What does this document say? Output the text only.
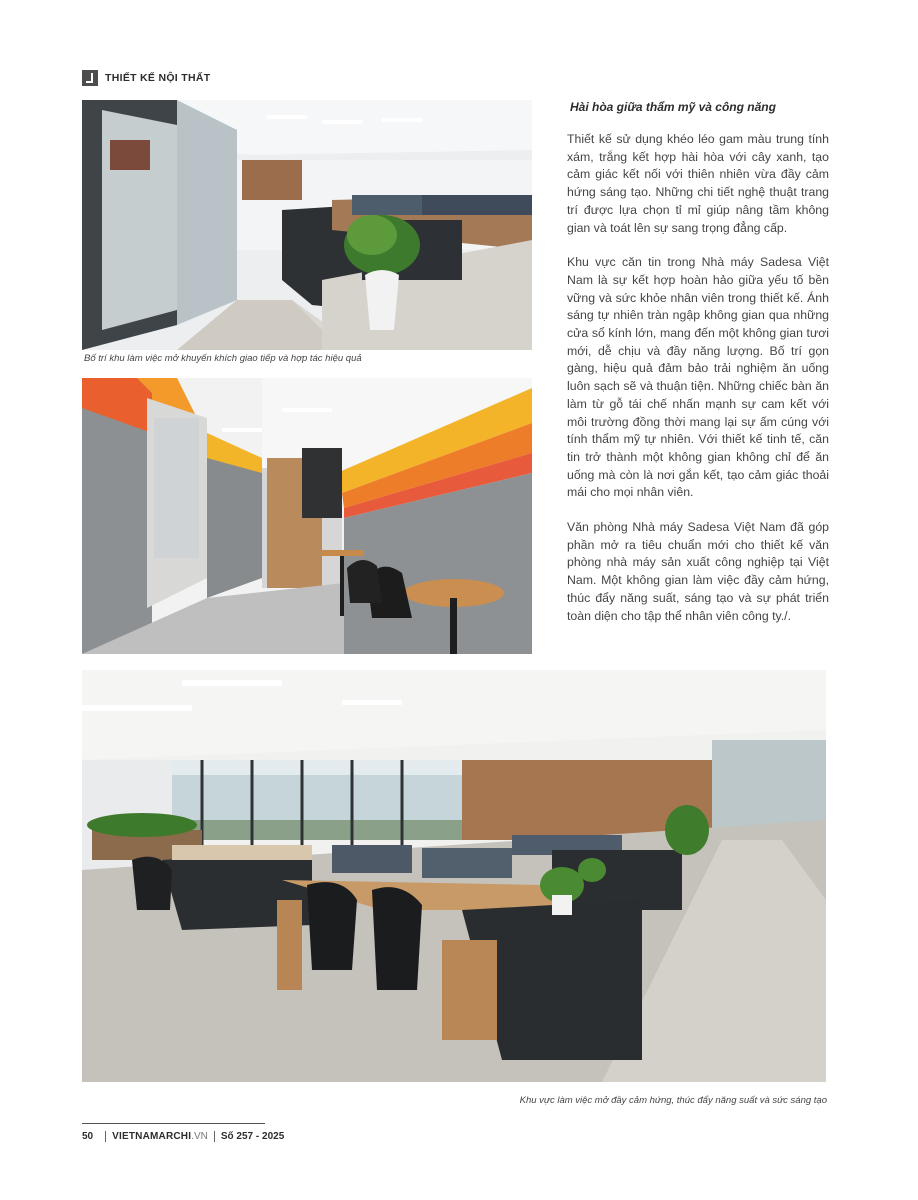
THIẾT KẾ NỘI THẤT
Bố trí khu làm việc mở khuyến khích giao tiếp và hợp tác hiệu quả
Khu vực làm việc mở đầy cảm hứng, thúc đẩy năng suất và sức sáng tạo
Hài hòa giữa thẩm mỹ và công năng

Thiết kế sử dụng khéo léo gam màu trung tính xám, trắng kết hợp hài hòa với cây xanh, tạo cảm giác kết nối với thiên nhiên vừa đầy cảm hứng sáng tạo. Những chi tiết nghệ thuật trang trí được lựa chọn tỉ mỉ giúp nâng tầm không gian và toát lên sự sang trọng đẳng cấp.

Khu vực căn tin trong Nhà máy Sadesa Việt Nam là sự kết hợp hoàn hảo giữa yếu tố bền vững và sức khỏe nhân viên trong thiết kế. Ánh sáng tự nhiên tràn ngập không gian qua những cửa sổ kính lớn, mang đến một không gian tươi mới, dễ chịu và đầy năng lượng. Bố trí gọn gàng, hiệu quả đảm bảo trải nghiệm ăn uống luôn sạch sẽ và thuận tiện. Những chiếc bàn ăn làm từ gỗ tái chế nhấn mạnh sự cam kết với môi trường đồng thời mang lại sự ấm cúng với tính thẩm mỹ tự nhiên. Với thiết kế tinh tế, căn tin trở thành một không gian không chỉ để ăn uống mà còn là nơi gắn kết, tạo cảm giác thoải mái cho mọi nhân viên.

Văn phòng Nhà máy Sadesa Việt Nam đã góp phần mở ra tiêu chuẩn mới cho thiết kế văn phòng nhà máy sản xuất công nghiệp tại Việt Nam. Một không gian làm việc đầy cảm hứng, thúc đẩy năng suất, sáng tạo và sự phát triển toàn diện cho tập thể nhân viên công ty./.

50 VIETNAMARCHI .VN Số 257 - 2025
